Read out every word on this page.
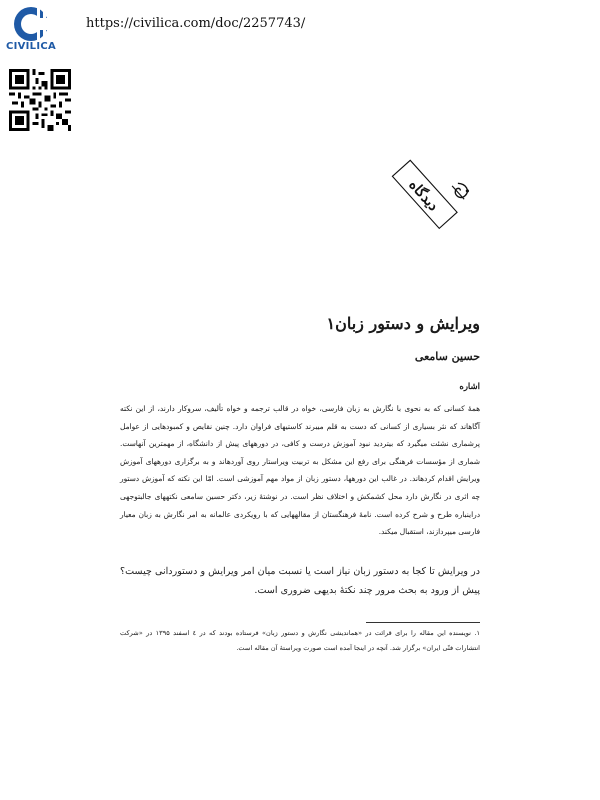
CIVILICA
https://civilica.com/doc/2257743/
دیدگاه
ویرایش و دستور زبان۱
حسین سامعی
اشاره
همهٔ کسانی که به نحوی با نگارش به زبان فارسی، خواه در قالب ترجمه و خواه تألیف، سروکار دارند، از این نکته آگاهاند که نثر بسیاری از کسانی که دست به قلم میبرند کاستیهای فراوان دارد. چنین نقایص و کمبودهایی از عوامل پرشماری نشئت میگیرد که بیتردید نبود آموزش درست و کافی، در دورههای پیش از دانشگاه، از مهمترین آنهاست. شماری از مؤسسات فرهنگی برای رفع این مشکل به تربیت ویراستار روی آوردهاند و به برگزاری دورههای آموزش ویرایش اقدام کردهاند. در غالب این دورهها، دستور زبان از مواد مهم آموزشی است. امّا این نکته که آموزش دستور چه اثری در نگارش دارد محل کشمکش و اختلاف نظر است. در نوشتهٔ زیر، دکتر حسین سامعی نکتههای جالبتوجهی دراینباره طرح و شرح کرده است. نامهٔ فرهنگستان از مقالههایی که با رویکردی عالمانه به امر نگارش به زبان معیار فارسی میپردازند، استقبال میکند.
در ویرایش تا کجا به دستور زبان نیاز است یا نسبت میان امر ویرایش و دستوردانی چیست؟ پیش از ورود به بحث مرور چند نکتهٔ بدیهی ضروری است.
۱. نویسنده این مقاله را برای قرائت در «هماندیشی نگارش و دستور زبان» فرستاده بودند که در ٤ اسفند ۱۳۹۵ در «شرکت انتشارات فنّی ایران» برگزار شد. آنچه در اینجا آمده است صورت ویراستهٔ آن مقاله است.
